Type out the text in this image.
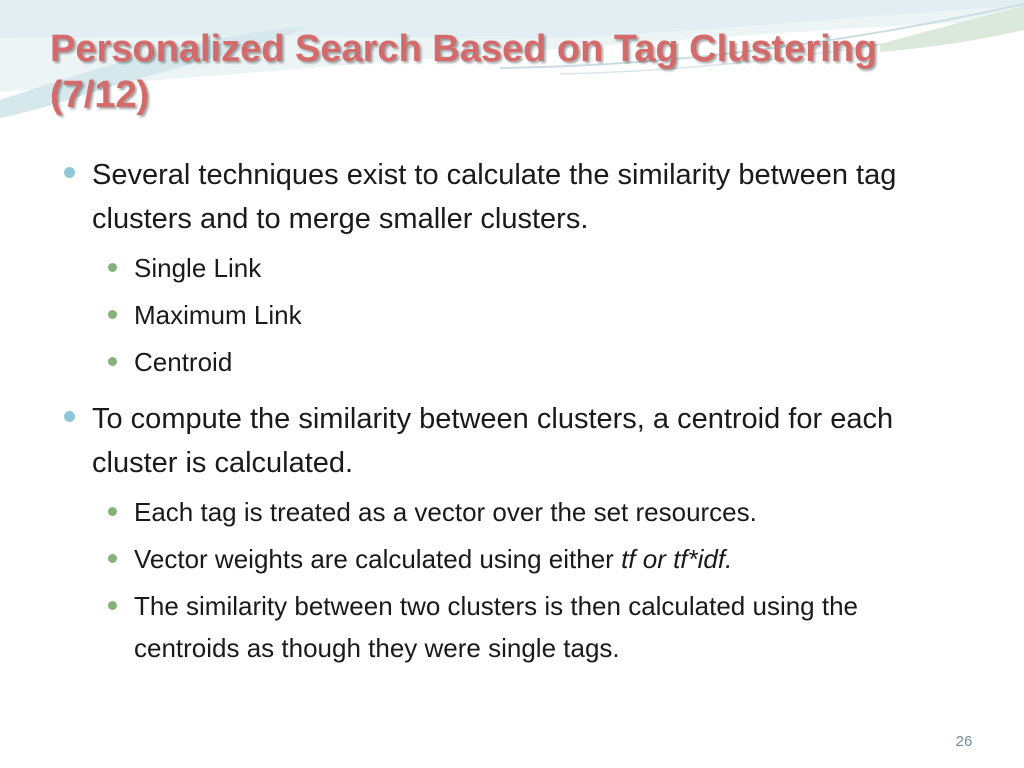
Personalized Search Based on Tag Clustering (7/12)
Several techniques exist to calculate the similarity between tag clusters and to merge smaller clusters.
Single Link
Maximum Link
Centroid
To compute the similarity between clusters, a centroid for each cluster is calculated.
Each tag is treated as a vector over the set resources.
Vector weights are calculated using either tf or tf*idf.
The similarity between two clusters is then calculated using the centroids as though they were single tags.
26
